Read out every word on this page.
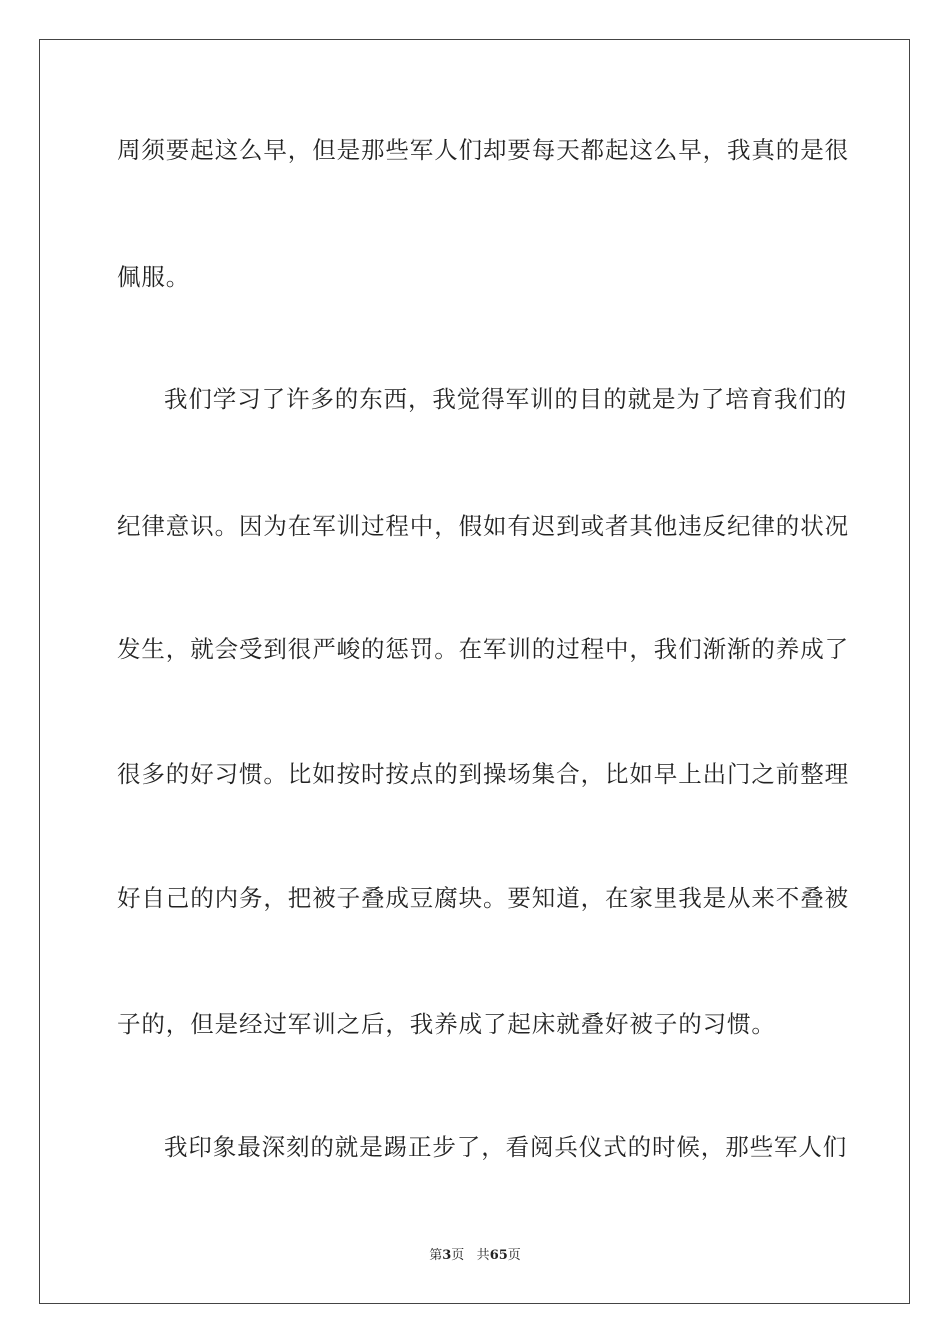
周须要起这么早，但是那些军人们却要每天都起这么早，我真的是很
佩服。
我们学习了许多的东西，我觉得军训的目的就是为了培育我们的
纪律意识。因为在军训过程中，假如有迟到或者其他违反纪律的状况
发生，就会受到很严峻的惩罚。在军训的过程中，我们渐渐的养成了
很多的好习惯。比如按时按点的到操场集合，比如早上出门之前整理
好自己的内务，把被子叠成豆腐块。要知道，在家里我是从来不叠被
子的，但是经过军训之后，我养成了起床就叠好被子的习惯。
我印象最深刻的就是踢正步了，看阅兵仪式的时候，那些军人们
第3页 共65页
